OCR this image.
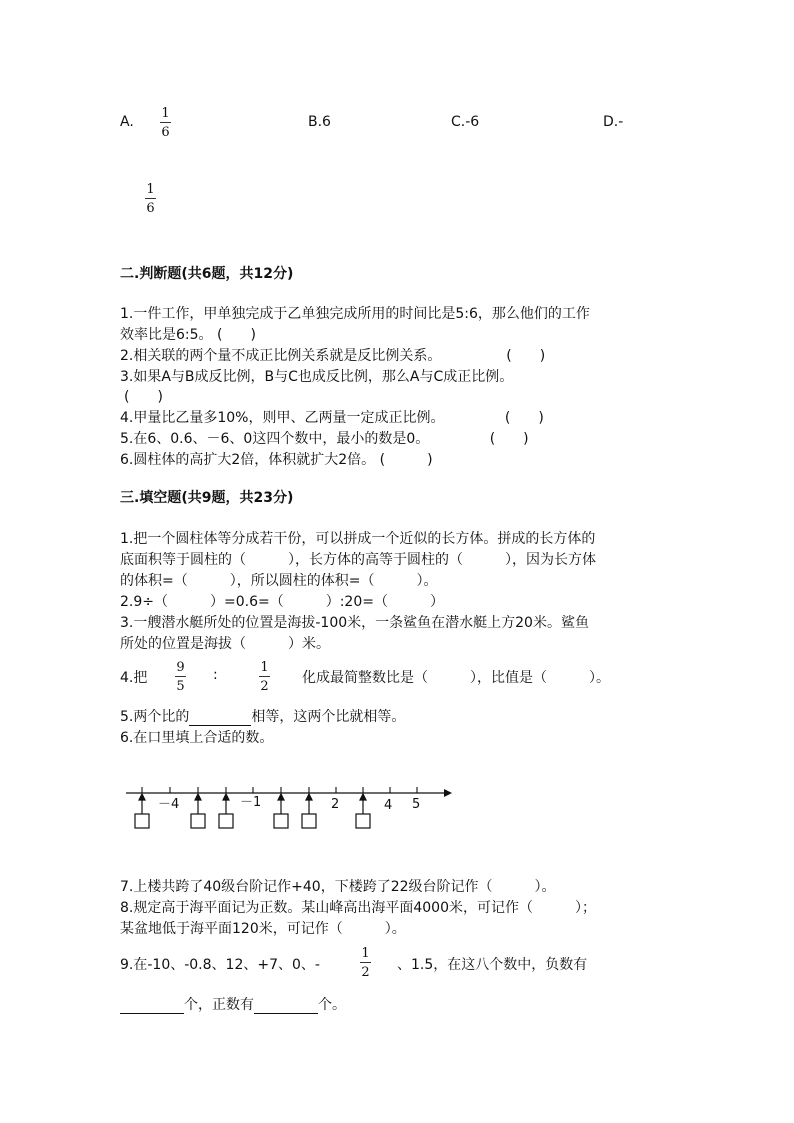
A.
1
6
B.6	C.-6	D.-
1
6
二.判断题(共6题，共12分)
1.一件工作，甲单独完成于乙单独完成所用的时间比是5:6，那么他们的工作
效率比是6:5。 (　　)
2.相关联的两个量不成正比例关系就是反比例关系。 　　　　 (　　)
3.如果A与B成反比例，B与C也成反比例，那么A与C成正比例。
(　　)
4.甲量比乙量多10%，则甲、乙两量一定成正比例。 　　　　(　　)
5.在6、0.6、－6、0这四个数中，最小的数是0。 　　　　(　　)
6.圆柱体的高扩大2倍，体积就扩大2倍。 (　　　)
三.填空题(共9题，共23分)
1.把一个圆柱体等分成若干份，可以拼成一个近似的长方体。拼成的长方体的
底面积等于圆柱的（　　　），长方体的高等于圆柱的（　　　），因为长方体
的体积=（　　　），所以圆柱的体积=（　　　）。
2.9÷（　　　）=0.6=（　　　）:20=（　　　）
3.一艘潜水艇所处的位置是海拔-100米，一条鲨鱼在潜水艇上方20米。鲨鱼
所处的位置是海拔（　　　）米。
4.把
9
5
:	1
2
化成最简整数比是（　　　），比值是（　　　）。
5.两个比的	相等，这两个比就相等。
6.在口里填上合适的数。
－4	－1	2	4 5
7.上楼共跨了40级台阶记作+40，下楼跨了22级台阶记作（　　　）。
8.规定高于海平面记为正数。某山峰高出海平面4000米，可记作（　　　）；
某盆地低于海平面120米，可记作（　　　）。
9.在-10、-0.8、12、+7、0、-
1
2 、1.5，在这八个数中，负数有
个，正数有	个。
